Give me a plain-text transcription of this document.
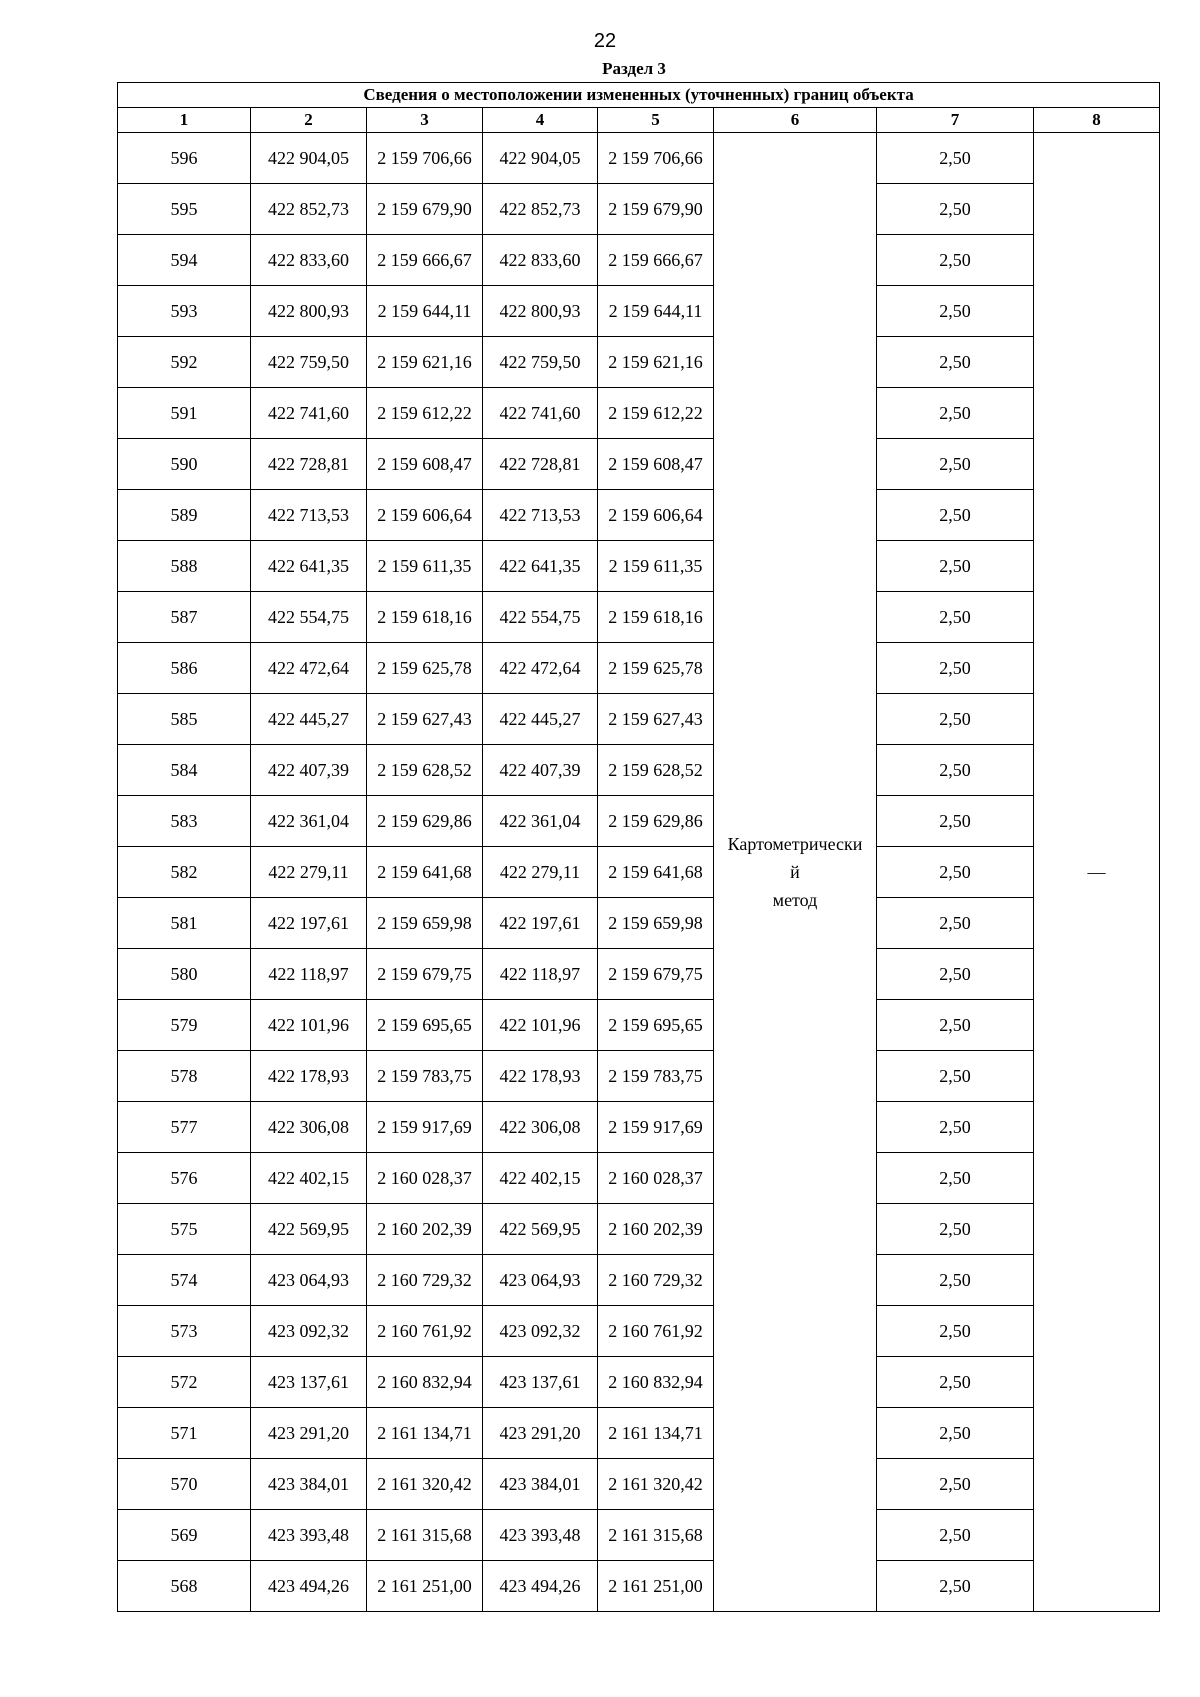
22
Раздел 3
Сведения о местоположении измененных (уточненных) границ объекта							
1	2	3	4	5	6	7	8
596	422 904,05	2 159 706,66	422 904,05	2 159 706,66	Картометрически
й
метод	2,50	—
595	422 852,73	2 159 679,90	422 852,73	2 159 679,90		2,50	
594	422 833,60	2 159 666,67	422 833,60	2 159 666,67		2,50	
593	422 800,93	2 159 644,11	422 800,93	2 159 644,11		2,50	
592	422 759,50	2 159 621,16	422 759,50	2 159 621,16		2,50	
591	422 741,60	2 159 612,22	422 741,60	2 159 612,22		2,50	
590	422 728,81	2 159 608,47	422 728,81	2 159 608,47		2,50	
589	422 713,53	2 159 606,64	422 713,53	2 159 606,64		2,50	
588	422 641,35	2 159 611,35	422 641,35	2 159 611,35		2,50	
587	422 554,75	2 159 618,16	422 554,75	2 159 618,16		2,50	
586	422 472,64	2 159 625,78	422 472,64	2 159 625,78		2,50	
585	422 445,27	2 159 627,43	422 445,27	2 159 627,43		2,50	
584	422 407,39	2 159 628,52	422 407,39	2 159 628,52		2,50	
583	422 361,04	2 159 629,86	422 361,04	2 159 629,86		2,50	
582	422 279,11	2 159 641,68	422 279,11	2 159 641,68		2,50	
581	422 197,61	2 159 659,98	422 197,61	2 159 659,98		2,50	
580	422 118,97	2 159 679,75	422 118,97	2 159 679,75		2,50	
579	422 101,96	2 159 695,65	422 101,96	2 159 695,65		2,50	
578	422 178,93	2 159 783,75	422 178,93	2 159 783,75		2,50	
577	422 306,08	2 159 917,69	422 306,08	2 159 917,69		2,50	
576	422 402,15	2 160 028,37	422 402,15	2 160 028,37		2,50	
575	422 569,95	2 160 202,39	422 569,95	2 160 202,39		2,50	
574	423 064,93	2 160 729,32	423 064,93	2 160 729,32		2,50	
573	423 092,32	2 160 761,92	423 092,32	2 160 761,92		2,50	
572	423 137,61	2 160 832,94	423 137,61	2 160 832,94		2,50	
571	423 291,20	2 161 134,71	423 291,20	2 161 134,71		2,50	
570	423 384,01	2 161 320,42	423 384,01	2 161 320,42		2,50	
569	423 393,48	2 161 315,68	423 393,48	2 161 315,68		2,50	
568	423 494,26	2 161 251,00	423 494,26	2 161 251,00		2,50	
